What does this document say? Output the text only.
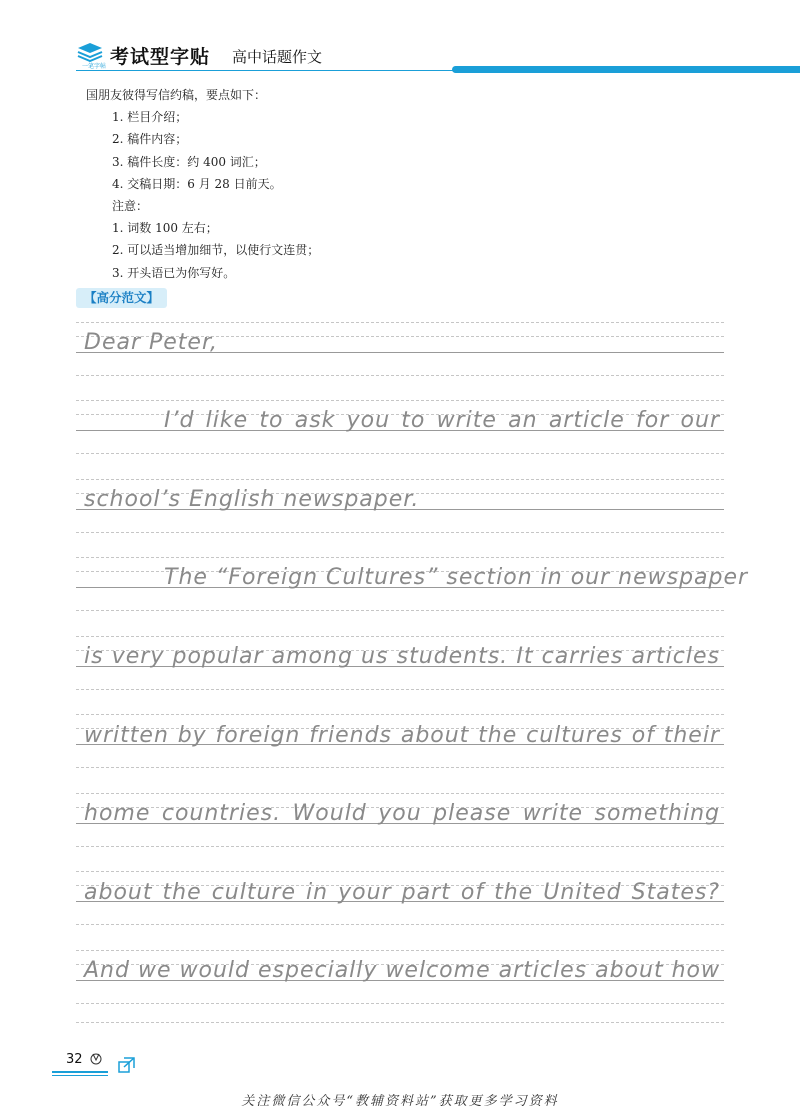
一笔字帖 考试型字贴 高中话题作文
国朋友彼得写信约稿，要点如下：
1. 栏目介绍；
2. 稿件内容；
3. 稿件长度：约 400 词汇；
4. 交稿日期：6 月 28 日前天。
注意：
1. 词数 100 左右；
2. 可以适当增加细节，以使行文连贯；
3. 开头语已为你写好。
【高分范文】
Dear Peter,
I’d like to ask you to write an article for our
school’s English newspaper.
The “Foreign Cultures” section in our newspaper
is very popular among us students. It carries articles
written by foreign friends about the cultures of their
home countries. Would you please write something
about the culture in your part of the United States?
And we would especially welcome articles about how
32
关注微信公众号“教辅资料站”获取更多学习资料
